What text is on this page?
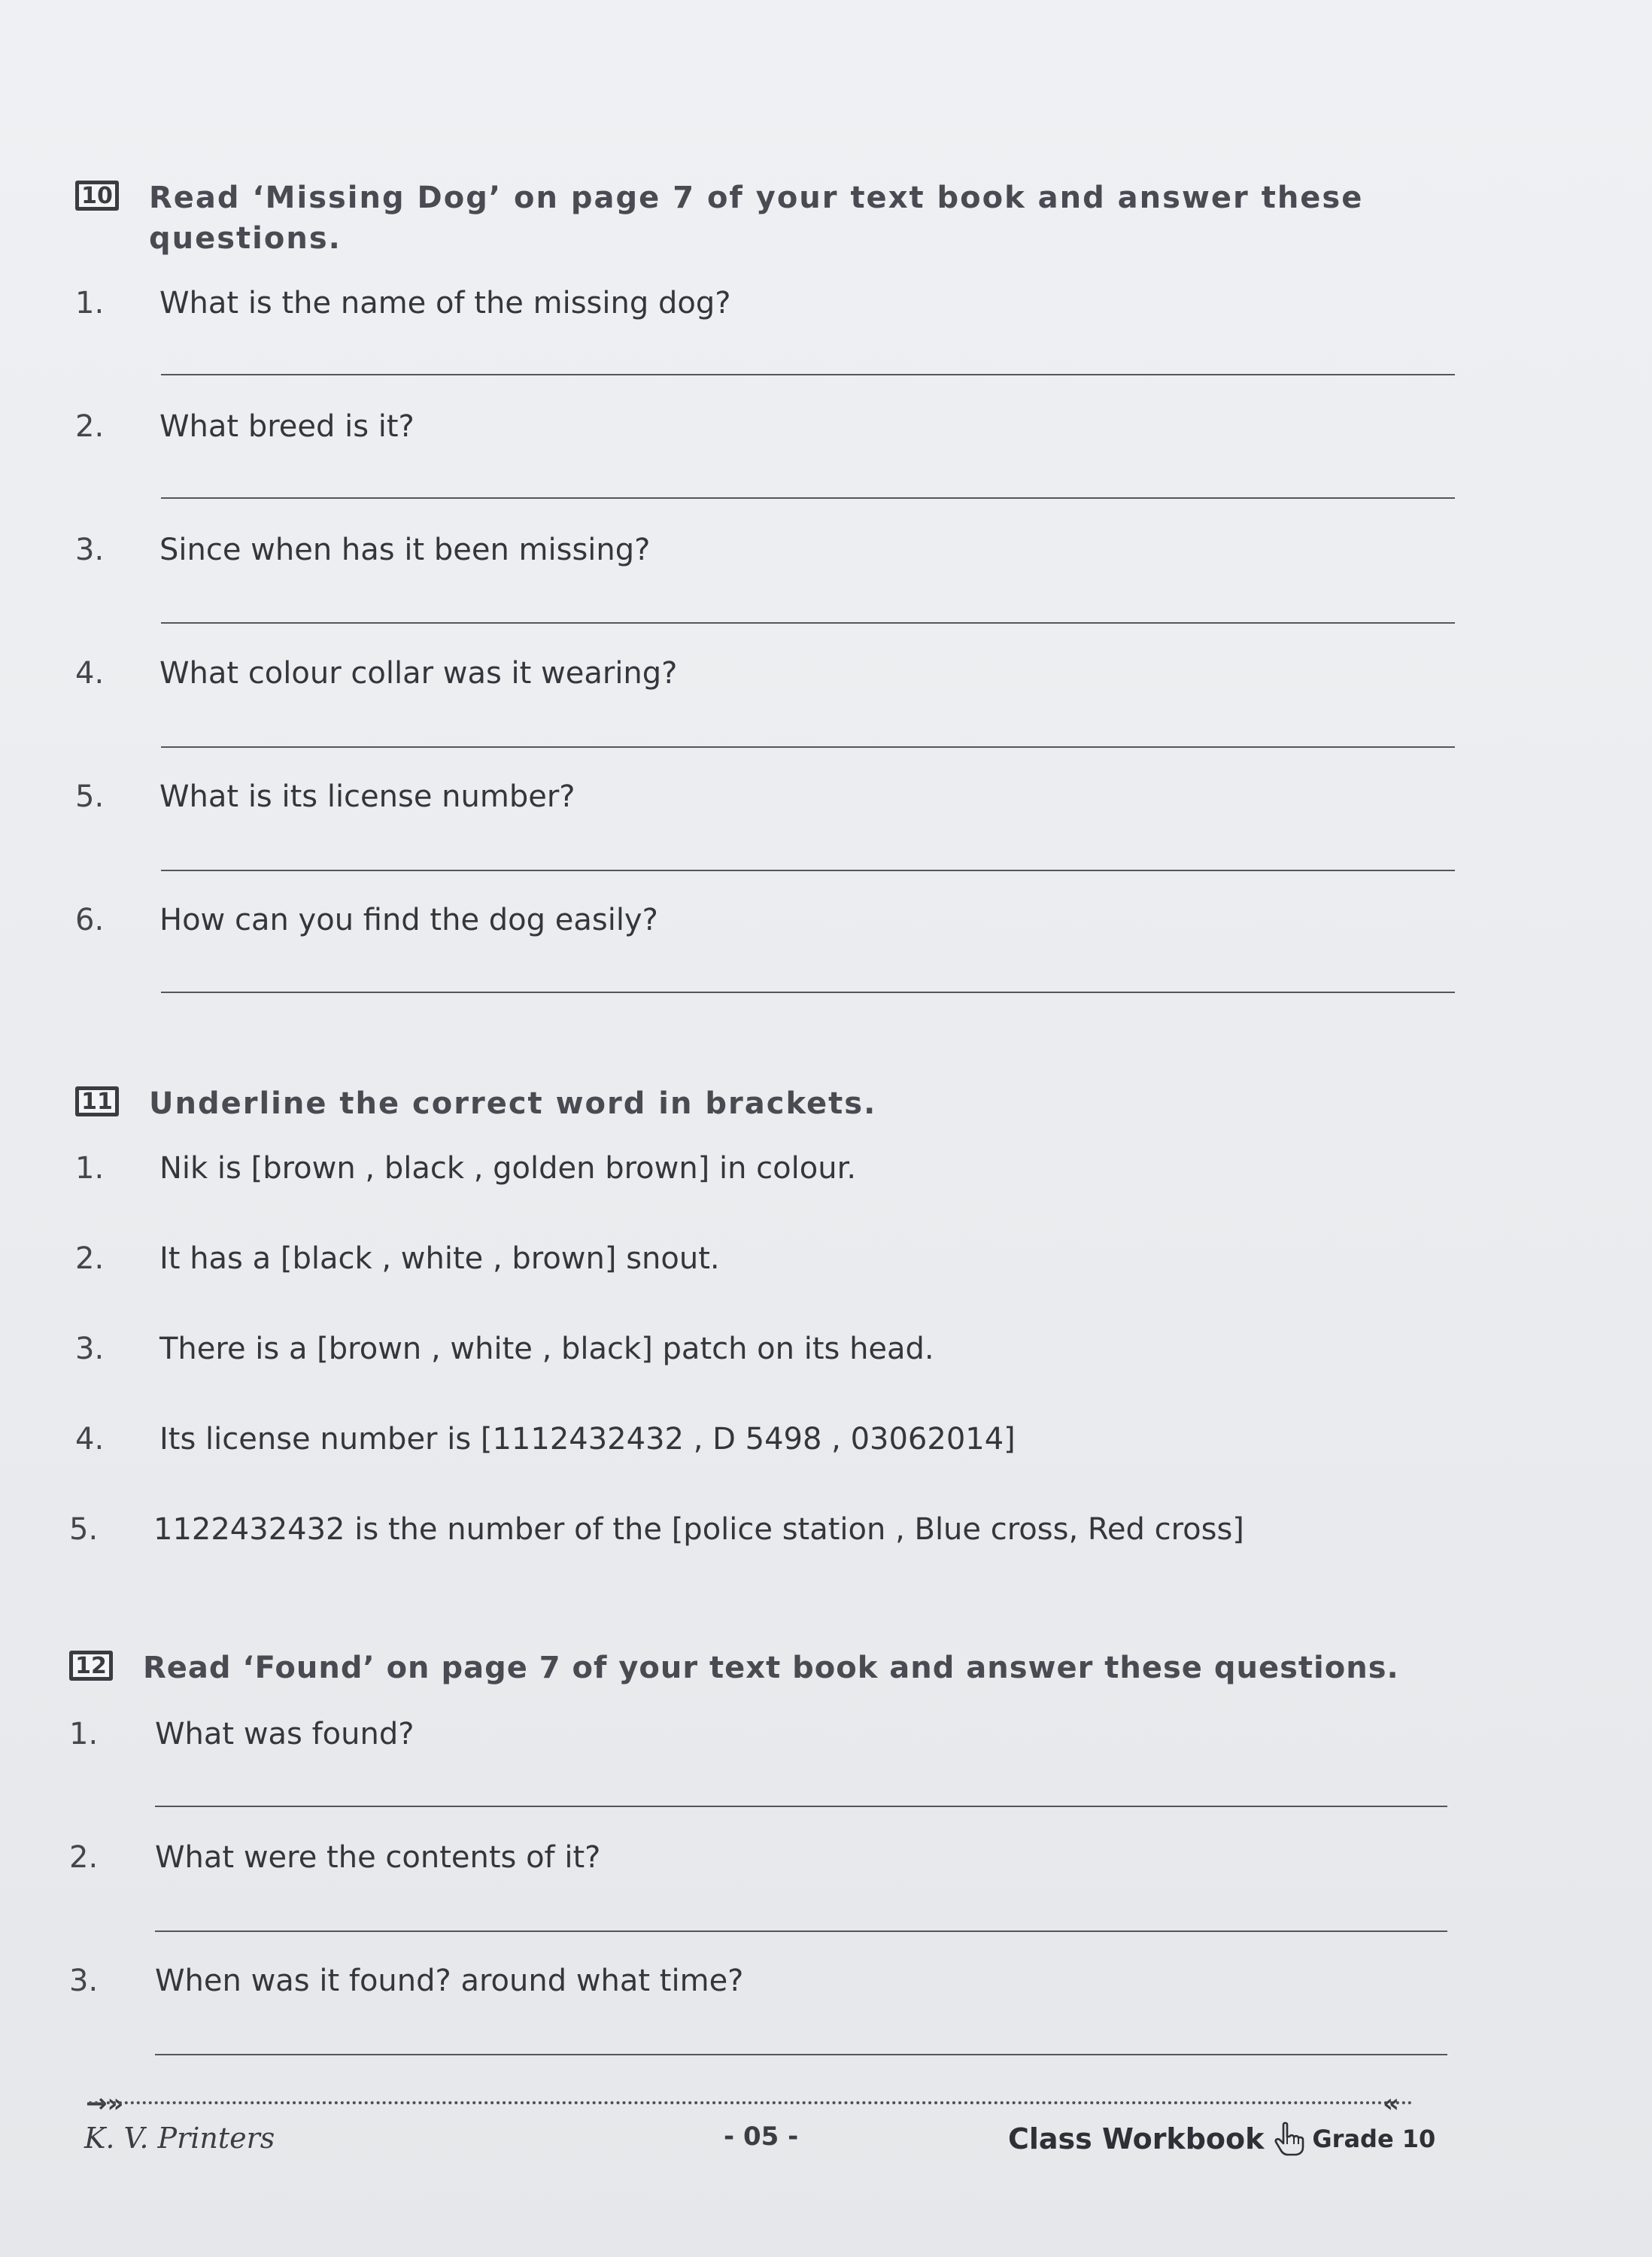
10 Read ‘Missing Dog’ on page 7 of your text book and answer these
questions.
1.	What is the name of the missing dog?
2.	What breed is it?
3.	Since when has it been missing?
4.	What colour collar was it wearing?
5.	What is its license number?
6.	How can you find the dog easily?
11 Underline the correct word in brackets.
1.	Nik is [brown , black , golden brown] in colour.
2.	It has a [black , white , brown] snout.
3.	There is a [brown , white , black] patch on its head.
4.	Its license number is [1112432432 , D 5498 , 03062014]
5.	1122432432 is the number of the [police station , Blue cross, Red cross]
12 Read ‘Found’ on page 7 of your text book and answer these questions.
1.	What was found?
2.	What were the contents of it?
3.	When was it found? around what time?
→»	«
K. V. Printers	- 05 -	Class Workbook Grade 10
